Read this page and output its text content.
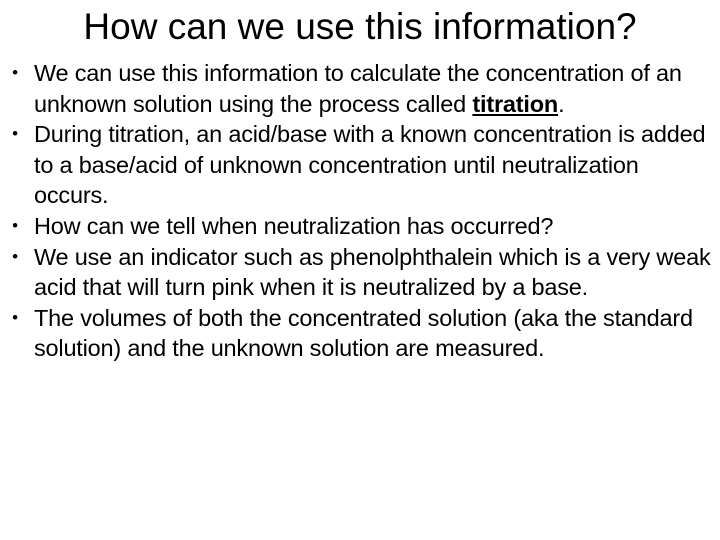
How can we use this information?
• We can use this information to calculate the concentration of an unknown solution using the process called titration.
• During titration, an acid/base with a known concentration is added to a base/acid of unknown concentration until neutralization occurs.
• How can we tell when neutralization has occurred?
• We use an indicator such as phenolphthalein which is a very weak acid that will turn pink when it is neutralized by a base.
• The volumes of both the concentrated solution (aka the standard solution) and the unknown solution are measured.
